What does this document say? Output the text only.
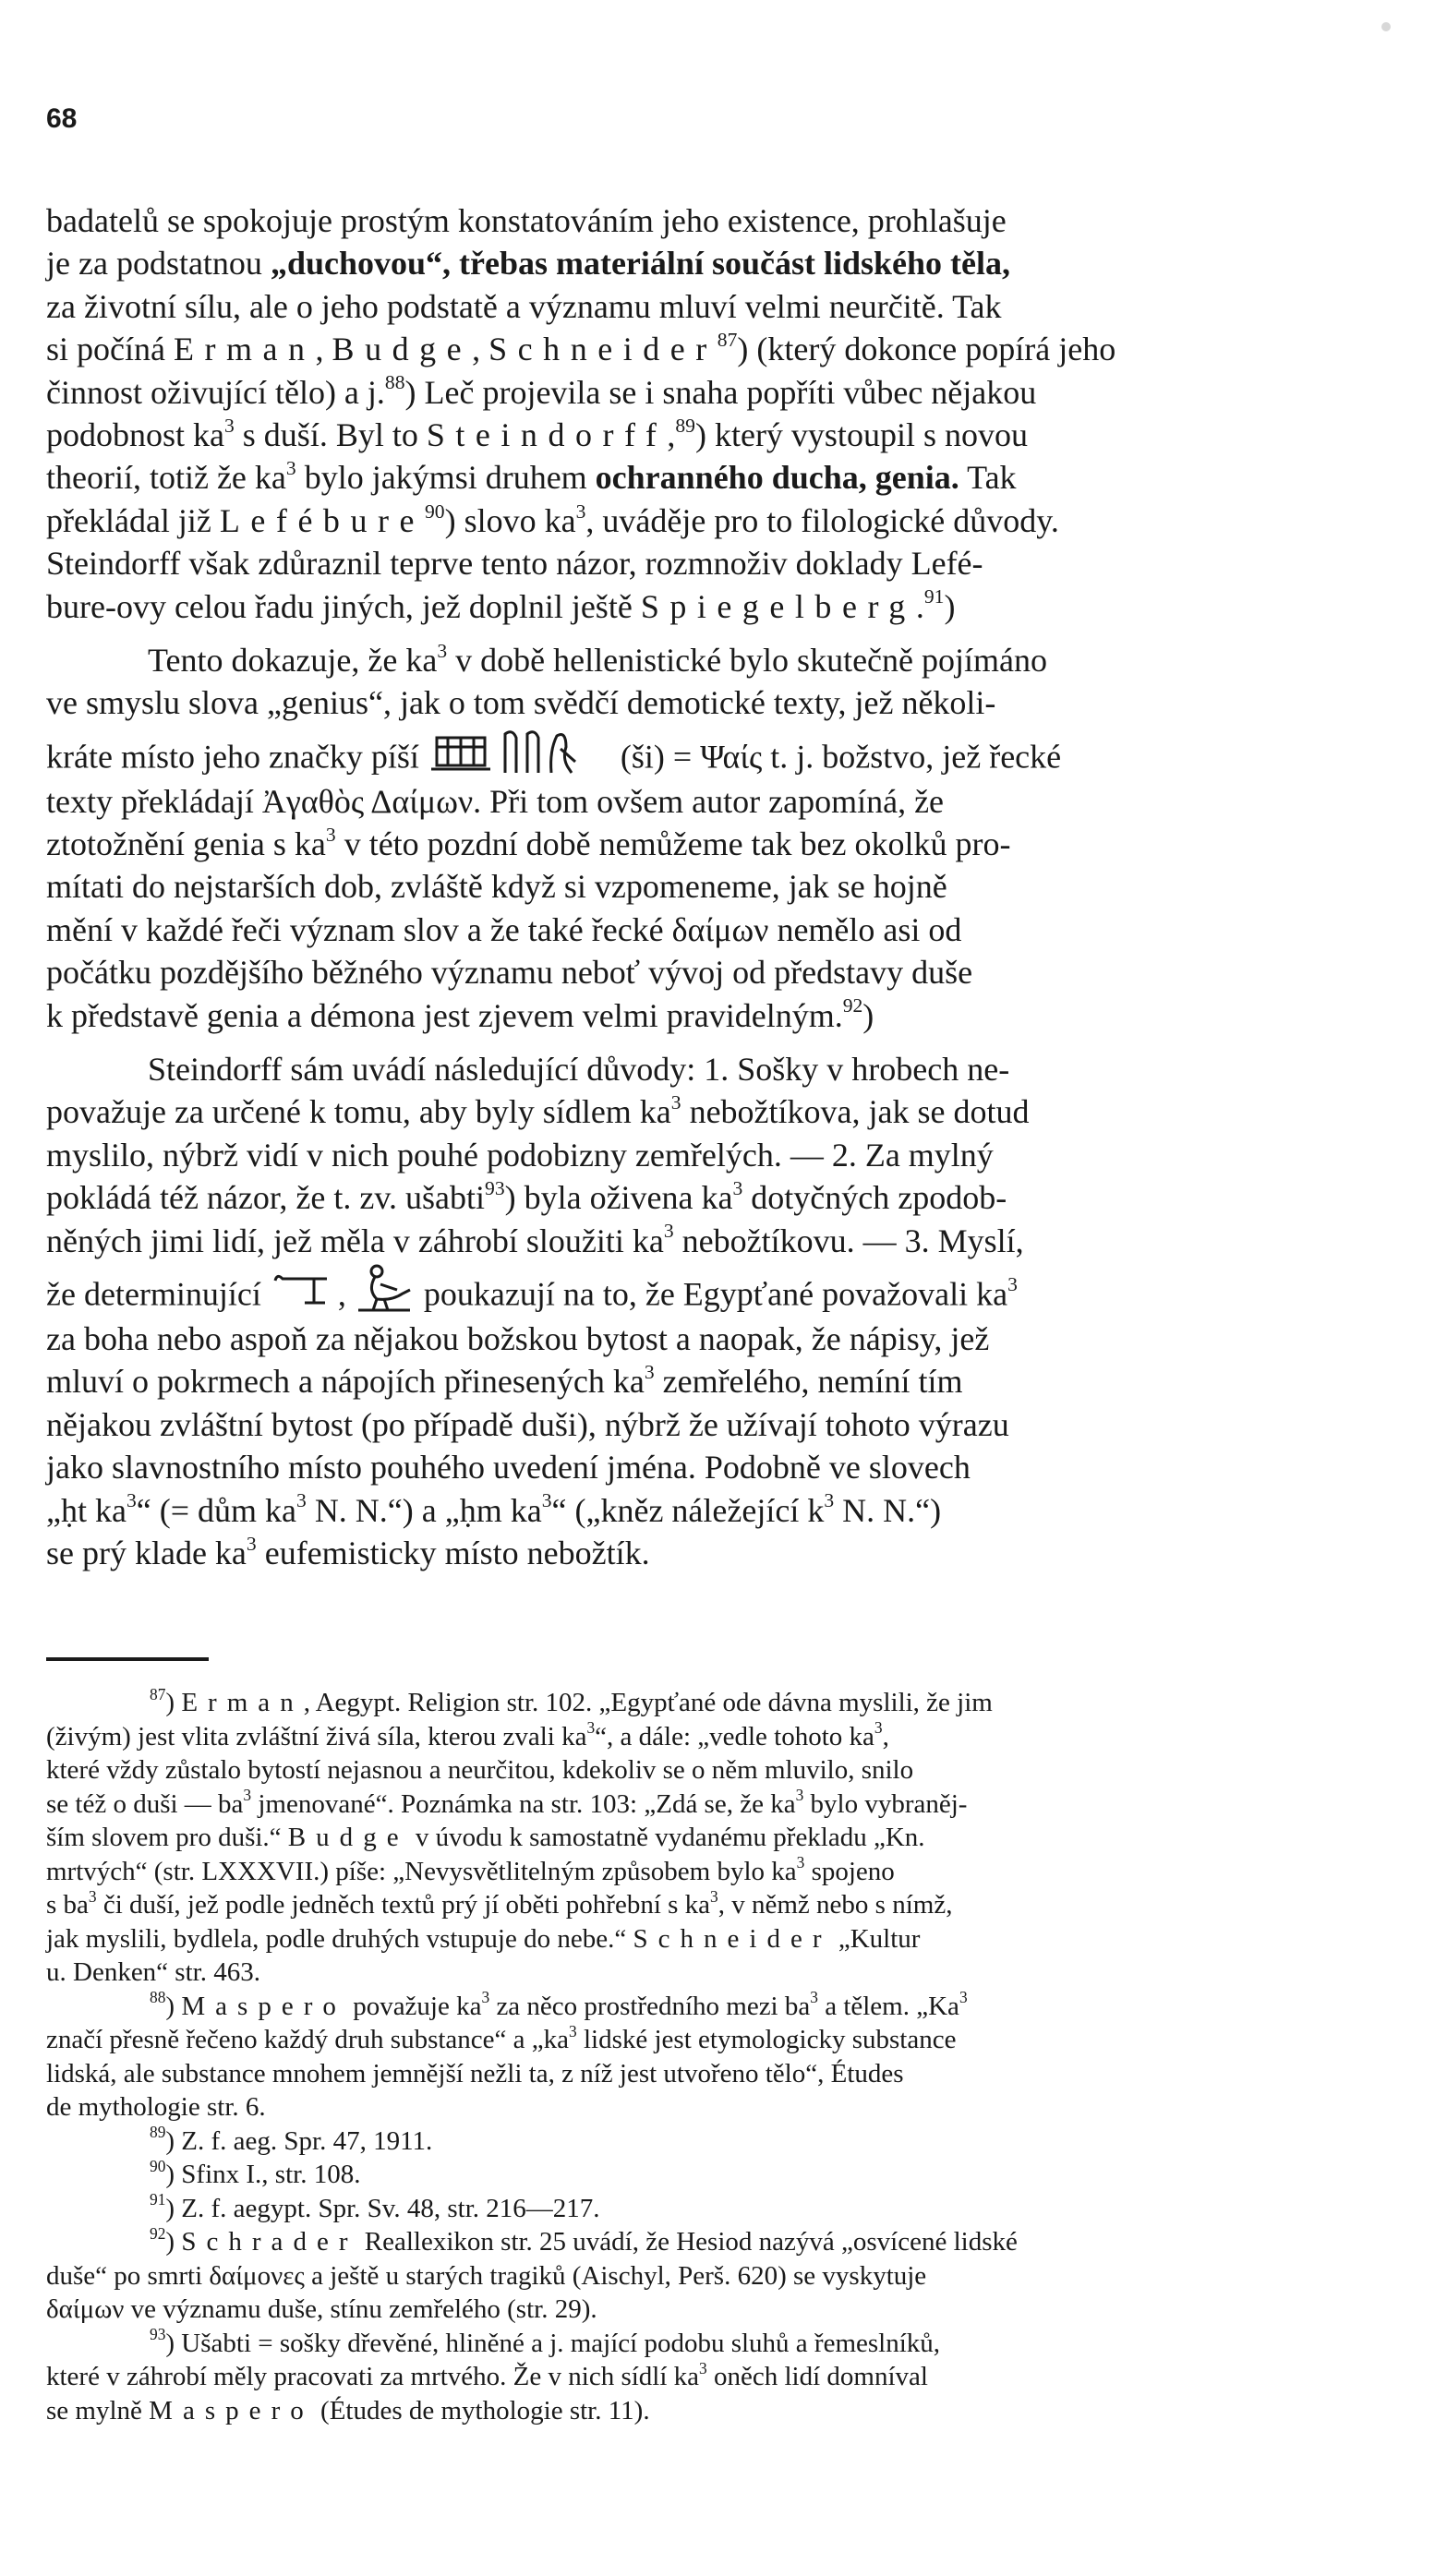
68
badatelů se spokojuje prostým konstatováním jeho existence, prohlašuje
je za podstatnou „duchovou“, třebas materiální součást lidského těla,
za životní sílu, ale o jeho podstatě a významu mluví velmi neurčitě. Tak
si počíná Erman, Budge, Schneider$^{87}$) (který dokonce popírá jeho
činnost oživující tělo) a j.$^{88}$) Leč projevila se i snaha popříti vůbec nějakou
podobnost $ka^3$ s duší. Byl to Steindorff,$^{89}$) který vystoupil s novou
theorií, totiž že $ka^3$ bylo jakýmsi druhem ochranného ducha, genia. Tak
překládal již Lefébure$^{90}$) slovo $ka^3$, uváděje pro to filologické důvody.
Steindorff však zdůraznil teprve tento názor, rozmnoživ doklady Lefé-
bure-ovy celou řadu jiných, jež doplnil ještě Spiegelberg.$^{91}$)
Tento dokazuje, že $ka^3$ v době hellenistické bylo skutečně pojímáno
ve smyslu slova „genius“, jak o tom svědčí demotické texty, jež několi-
kráte místo jeho značky píší	(ši) = Ψαίς t. j. božstvo, jež řecké
texty překládají Ἀγαθὸς Δαίμων. Při tom ovšem autor zapomíná, že
ztotožnění genia s $ka^3$ v této pozdní době nemůžeme tak bez okolků pro-
mítati do nejstarších dob, zvláště když si vzpomeneme, jak se hojně
mění v každé řeči význam slov a že také řecké δαίμων nemělo asi od
počátku pozdějšího běžného významu neboť vývoj od představy duše
k představě genia a démona jest zjevem velmi pravidelným.$^{92}$)
Steindorff sám uvádí následující důvody: 1. Sošky v hrobech ne-
považuje za určené k tomu, aby byly sídlem $ka^3$ nebožtíkova, jak se dotud
myslilo, nýbrž vidí v nich pouhé podobizny zemřelých. — 2. Za mylný
pokládá též názor, že t. zv. ušabti$^{93}$) byla oživena $ka^3$ dotyčných zpodob-
něných jimi lidí, jež měla v záhrobí sloužiti $ka^3$ nebožtíkovu. — 3. Myslí,
že determinující , poukazují na to, že Egypťané považovali $ka^3$
za boha nebo aspoň za nějakou božskou bytost a naopak, že nápisy, jež
mluví o pokrmech a nápojích přinesených $ka^3$ zemřelého, nemíní tím
nějakou zvláštní bytost (po případě duši), nýbrž že užívají tohoto výrazu
jako slavnostního místo pouhého uvedení jména. Podobně ve slovech
„ḥt $ka^3“$ (= dům $ka^3$ N. N.“) a „ḥm $ka^3“$ („kněz náležející $k^3$ N. N.“)
se prý klade $ka^3$ eufemisticky místo nebožtík.
$^{87}$) Erman, Aegypt. Religion str. 102. „Egypťané ode dávna myslili, že jim
(živým) jest vlita zvláštní živá síla, kterou zvali $ka^3“$, a dále: „vedle tohoto $ka^3$,
které vždy zůstalo bytostí nejasnou a neurčitou, kdekoliv se o něm mluvilo, snilo
se též o duši — $ba^3$ jmenované“. Poznámka na str. 103: „Zdá se, že $ka^3$ bylo vybraněj-
ším slovem pro duši.“ Budge v úvodu k samostatně vydanému překladu „Kn.
mrtvých“ (str. LXXXVII.) píše: „Nevysvětlitelným způsobem bylo $ka^3$ spojeno
s $ba^3$ či duší, jež podle jedněch textů prý jí oběti pohřební s $ka^3$, v němž nebo s nímž,
jak myslili, bydlela, podle druhých vstupuje do nebe.“ Schneider „Kultur
u. Denken“ str. 463.
$^{88}$) Maspero považuje $ka^3$ za něco prostředního mezi $ba^3$ a tělem. „Ka$^3$
značí přesně řečeno každý druh substance“ a $„ka^3$ lidské jest etymologicky substance
lidská, ale substance mnohem jemnější nežli ta, z níž jest utvořeno tělo“, Études
de mythologie str. 6.
$^{89}$) Z. f. aeg. Spr. 47, 1911.
$^{90}$) Sfinx I., str. 108.
$^{91}$) Z. f. aegypt. Spr. Sv. 48, str. 216—217.
$^{92}$) Schrader Reallexikon str. 25 uvádí, že Hesiod nazývá „osvícené lidské
duše“ po smrti δαίμονες a ještě u starých tragiků (Aischyl, Perš. 620) se vyskytuje
δαίμων ve významu duše, stínu zemřelého (str. 29).
$^{93}$) Ušabti = sošky dřevěné, hliněné a j. mající podobu sluhů a řemeslníků,
které v záhrobí měly pracovati za mrtvého. Že v nich sídlí $ka^3$ oněch lidí domníval
se mylně Maspero (Études de mythologie str. 11).
